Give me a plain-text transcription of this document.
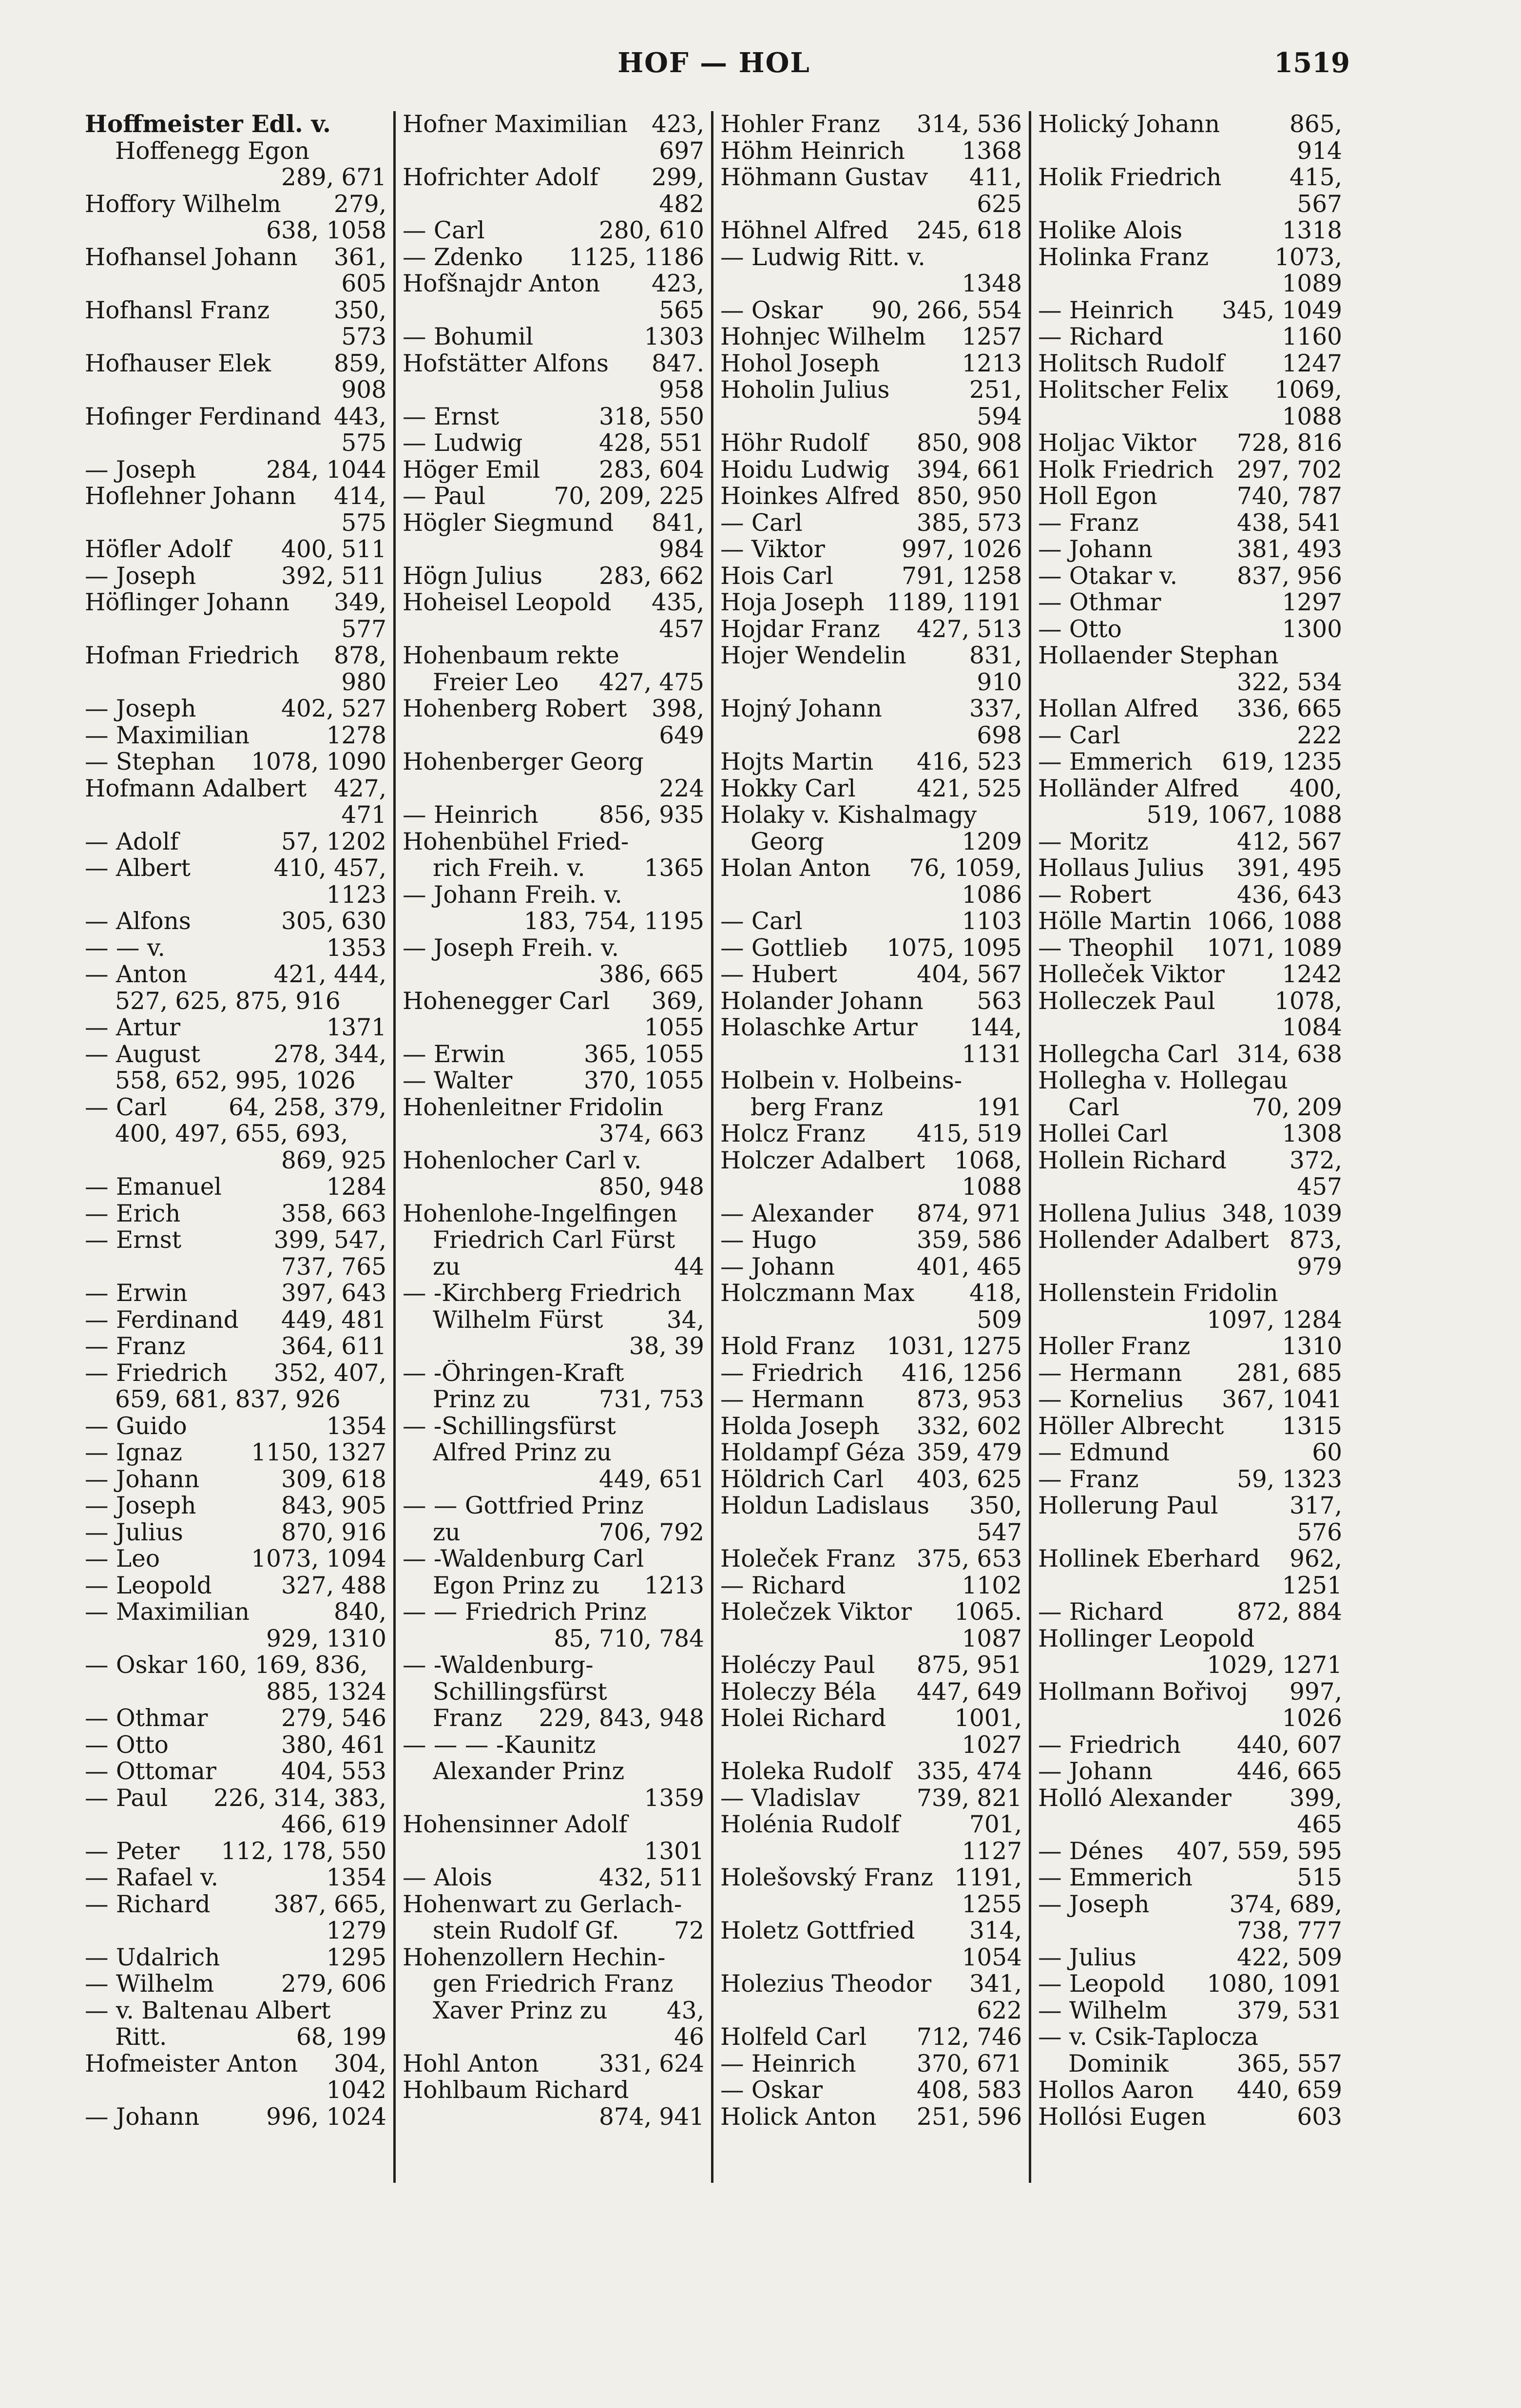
HOF — HOL	1519
Hoffmeister Edl. v.
Hoffenegg Egon
289, 671
Hoffory Wilhelm	279,
638, 1058
Hofhansel Johann	361,
605
Hofhansl Franz	350,
573
Hofhauser Elek	859,
908
Hofinger Ferdinand 443,
575
— Joseph	284, 1044
Hoflehner Johann	414,
575
Höfler Adolf	400, 511
— Joseph	392, 511
Höflinger Johann	349,
577
Hofman Friedrich	878,
980
— Joseph	402, 527
— Maximilian	1278
— Stephan	1078, 1090
Hofmann Adalbert	427,
471
— Adolf	57, 1202
— Albert	410, 457,
1123
— Alfons	305, 630
— — v.	1353
— Anton	421, 444,
527, 625, 875, 916
— Artur	1371
— August	278, 344,
558, 652, 995, 1026
— Carl	64, 258, 379,
400, 497, 655, 693,
869, 925
— Emanuel	1284
— Erich	358, 663
— Ernst	399, 547,
737, 765
— Erwin	397, 643
— Ferdinand	449, 481
— Franz	364, 611
— Friedrich	352, 407,
659, 681, 837, 926
— Guido	1354
— Ignaz	1150, 1327
— Johann	309, 618
— Joseph	843, 905
— Julius	870, 916
— Leo	1073, 1094
— Leopold	327, 488
— Maximilian	840,
929, 1310
— Oskar 160, 169, 836,
885, 1324
— Othmar	279, 546
— Otto	380, 461
— Ottomar	404, 553
— Paul	226, 314, 383,
466, 619
— Peter	112, 178, 550
— Rafael v.	1354
— Richard	387, 665,
1279
— Udalrich	1295
— Wilhelm	279, 606
— v. Baltenau Albert
Ritt.	68, 199
Hofmeister Anton	304,
1042
— Johann	996, 1024
Hofner Maximilian	423,
697
Hofrichter Adolf	299,
482
— Carl	280, 610
— Zdenko	1125, 1186
Hofšnajdr Anton	423,
565
— Bohumil	1303
Hofstätter Alfons	847.
958
— Ernst	318, 550
— Ludwig	428, 551
Höger Emil	283, 604
— Paul	70, 209, 225
Högler Siegmund	841,
984
Högn Julius	283, 662
Hoheisel Leopold	435,
457
Hohenbaum rekte
Freier Leo	427, 475
Hohenberg Robert	398,
649
Hohenberger Georg
224
— Heinrich	856, 935
Hohenbühel Fried-
rich Freih. v.	1365
— Johann Freih. v.
183, 754, 1195
— Joseph Freih. v.
386, 665
Hohenegger Carl	369,
1055
— Erwin	365, 1055
— Walter	370, 1055
Hohenleitner Fridolin
374, 663
Hohenlocher Carl v.
850, 948
Hohenlohe-Ingelfingen
Friedrich Carl Fürst
zu	44
— -Kirchberg Friedrich
Wilhelm Fürst	34,
38, 39
— -Öhringen-Kraft
Prinz zu	731, 753
— -Schillingsfürst
Alfred Prinz zu
449, 651
— — Gottfried Prinz
zu	706, 792
— -Waldenburg Carl
Egon Prinz zu	1213
— — Friedrich Prinz
85, 710, 784
— -Waldenburg-
Schillingsfürst
Franz	229, 843, 948
— — — -Kaunitz
Alexander Prinz
1359
Hohensinner Adolf
1301
— Alois	432, 511
Hohenwart zu Gerlach-
stein Rudolf Gf.	72
Hohenzollern Hechin-
gen Friedrich Franz
Xaver Prinz zu	43,
46
Hohl Anton	331, 624
Hohlbaum Richard
874, 941
Hohler Franz	314, 536
Höhm Heinrich	1368
Höhmann Gustav	411,
625
Höhnel Alfred	245, 618
— Ludwig Ritt. v.
1348
— Oskar	90, 266, 554
Hohnjec Wilhelm	1257
Hohol Joseph	1213
Hoholin Julius	251,
594
Höhr Rudolf	850, 908
Hoidu Ludwig	394, 661
Hoinkes Alfred 850, 950
— Carl	385, 573
— Viktor	997, 1026
Hois Carl	791, 1258
Hoja Joseph 1189, 1191
Hojdar Franz	427, 513
Hojer Wendelin	831,
910
Hojný Johann	337,
698
Hojts Martin	416, 523
Hokky Carl	421, 525
Holaky v. Kishalmagy
Georg	1209
Holan Anton	76, 1059,
1086
— Carl	1103
— Gottlieb	1075, 1095
— Hubert	404, 567
Holander Johann	563
Holaschke Artur	144,
1131
Holbein v. Holbeins-
berg Franz	191
Holcz Franz	415, 519
Holczer Adalbert	1068,
1088
— Alexander	874, 971
— Hugo	359, 586
— Johann	401, 465
Holczmann Max	418,
509
Hold Franz	1031, 1275
— Friedrich	416, 1256
— Hermann	873, 953
Holda Joseph	332, 602
Holdampf Géza 359, 479
Höldrich Carl	403, 625
Holdun Ladislaus	350,
547
Holeček Franz 375, 653
— Richard	1102
Holečzek Viktor	1065.
1087
Holéczy Paul	875, 951
Holeczy Béla	447, 649
Holei Richard	1001,
1027
Holeka Rudolf	335, 474
— Vladislav	739, 821
Holénia Rudolf	701,
1127
Holešovský Franz 1191,
1255
Holetz Gottfried	314,
1054
Holezius Theodor	341,
622
Holfeld Carl	712, 746
— Heinrich	370, 671
— Oskar	408, 583
Holick Anton	251, 596
Holický Johann	865,
914
Holik Friedrich	415,
567
Holike Alois	1318
Holinka Franz	1073,
1089
— Heinrich	345, 1049
— Richard	1160
Holitsch Rudolf	1247
Holitscher Felix	1069,
1088
Holjac Viktor	728, 816
Holk Friedrich 297, 702
Holl Egon	740, 787
— Franz	438, 541
— Johann	381, 493
— Otakar v.	837, 956
— Othmar	1297
— Otto	1300
Hollaender Stephan
322, 534
Hollan Alfred	336, 665
— Carl	222
— Emmerich	619, 1235
Holländer Alfred	400,
519, 1067, 1088
— Moritz	412, 567
Hollaus Julius	391, 495
— Robert	436, 643
Hölle Martin 1066, 1088
— Theophil	1071, 1089
Holleček Viktor	1242
Holleczek Paul	1078,
1084
Hollegcha Carl 314, 638
Hollegha v. Hollegau
Carl	70, 209
Hollei Carl	1308
Hollein Richard	372,
457
Hollena Julius 348, 1039
Hollender Adalbert 873,
979
Hollenstein Fridolin
1097, 1284
Holler Franz	1310
— Hermann	281, 685
— Kornelius	367, 1041
Höller Albrecht	1315
— Edmund	60
— Franz	59, 1323
Hollerung Paul	317,
576
Hollinek Eberhard	962,
1251
— Richard	872, 884
Hollinger Leopold
1029, 1271
Hollmann Bořivoj	997,
1026
— Friedrich	440, 607
— Johann	446, 665
Holló Alexander	399,
465
— Dénes	407, 559, 595
— Emmerich	515
— Joseph	374, 689,
738, 777
— Julius	422, 509
— Leopold	1080, 1091
— Wilhelm	379, 531
— v. Csik-Taplocza
Dominik	365, 557
Hollos Aaron	440, 659
Hollósi Eugen	603
